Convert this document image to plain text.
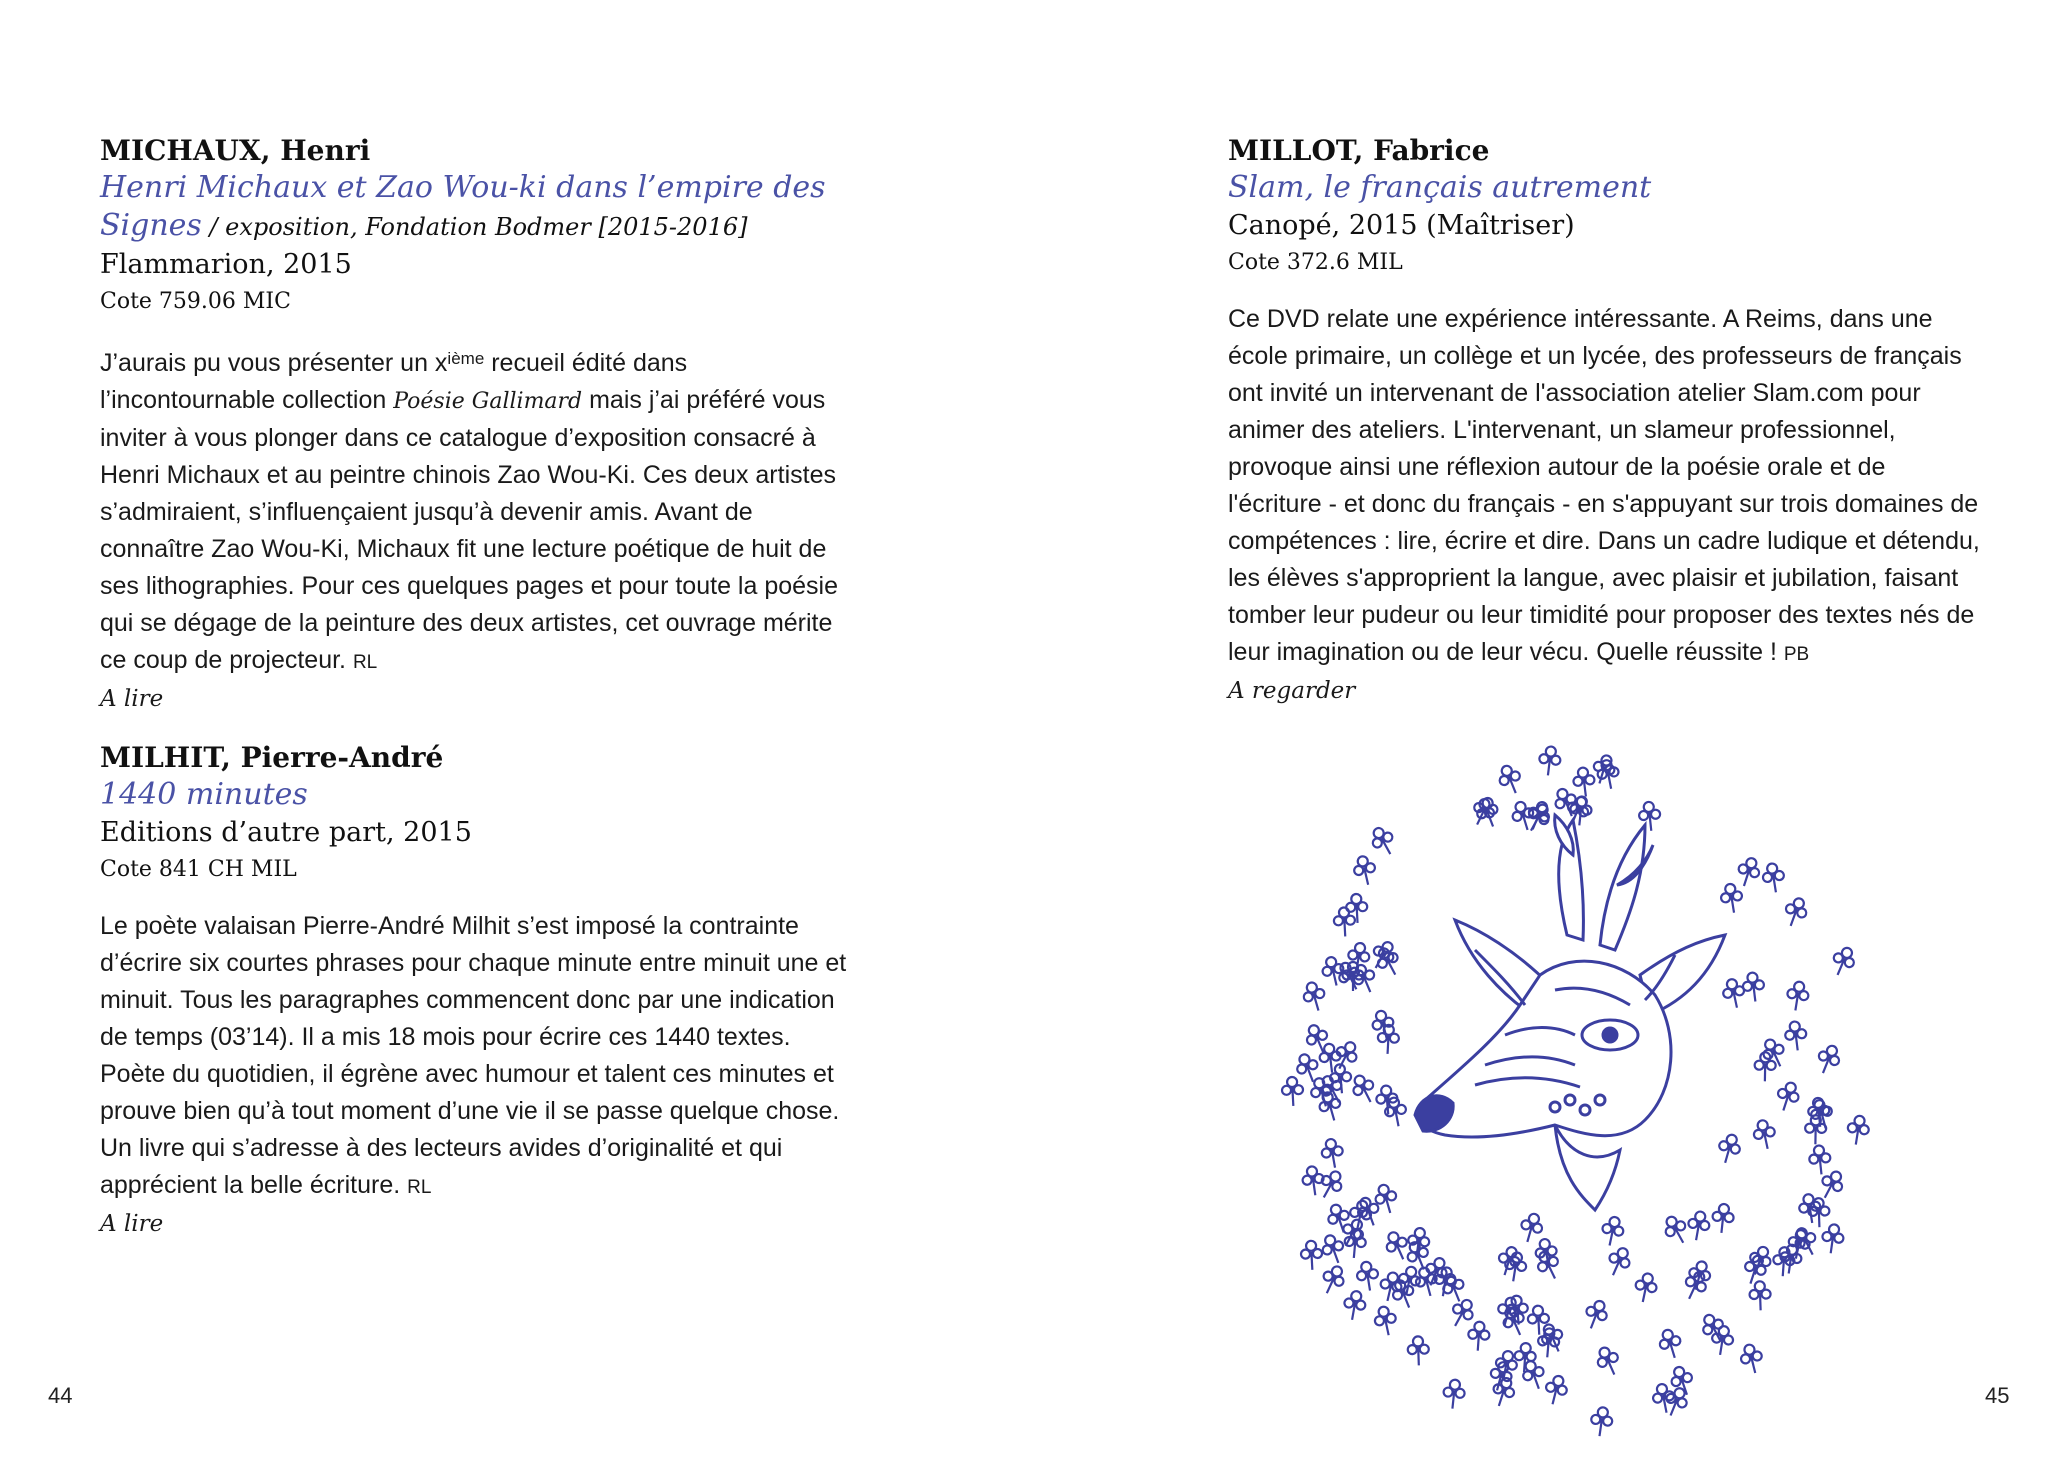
MICHAUX, Henri
Henri Michaux et Zao Wou-ki dans l’empire des
Signes / exposition, Fondation Bodmer [2015-2016]
Flammarion, 2015
Cote 759.06 MIC
J’aurais pu vous présenter un $x^{ième}$ recueil édité dans l’incontournable collection Poésie Gallimard mais j’ai préféré vous inviter à vous plonger dans ce catalogue d’exposition consacré à Henri Michaux et au peintre chinois Zao Wou-Ki. Ces deux artistes s’admiraient, s’influençaient jusqu’à devenir amis. Avant de connaître Zao Wou-Ki, Michaux fit une lecture poétique de huit de ses lithographies. Pour ces quelques pages et pour toute la poésie qui se dégage de la peinture des deux artistes, cet ouvrage mérite ce coup de projecteur. RL
A lire
MILHIT, Pierre-André
1440 minutes
Editions d’autre part, 2015
Cote 841 CH MIL
Le poète valaisan Pierre-André Milhit s’est imposé la contrainte d’écrire six courtes phrases pour chaque minute entre minuit une et minuit. Tous les paragraphes commencent donc par une indication de temps (03’14). Il a mis 18 mois pour écrire ces 1440 textes. Poète du quotidien, il égrène avec humour et talent ces minutes et prouve bien qu’à tout moment d’une vie il se passe quelque chose. Un livre qui s’adresse à des lecteurs avides d’originalité et qui apprécient la belle écriture. RL
A lire
44
MILLOT, Fabrice
Slam, le français autrement
Canopé, 2015 (Maîtriser)
Cote 372.6 MIL
Ce DVD relate une expérience intéressante. A Reims, dans une école primaire, un collège et un lycée, des professeurs de français ont invité un intervenant de l'association atelier Slam.com pour animer des ateliers. L'intervenant, un slameur professionnel, provoque ainsi une réflexion autour de la poésie orale et de l'écriture - et donc du français - en s'appuyant sur trois domaines de compétences : lire, écrire et dire. Dans un cadre ludique et détendu, les élèves s'approprient la langue, avec plaisir et jubilation, faisant tomber leur pudeur ou leur timidité pour proposer des textes nés de leur imagination ou de leur vécu. Quelle réussite ! PB
A regarder
45
